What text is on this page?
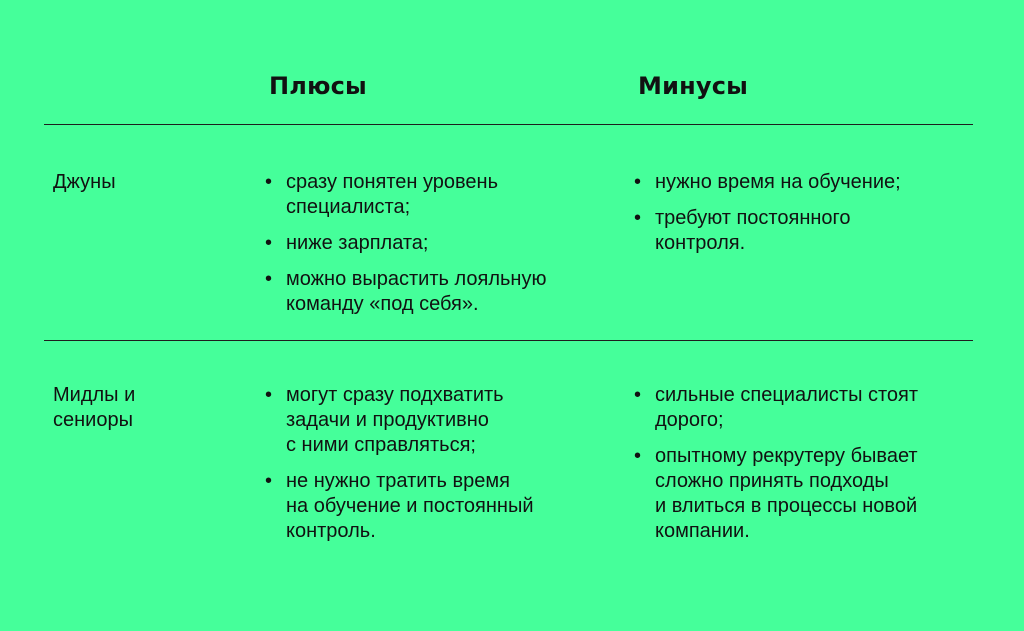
Плюсы	Минусы

Джуны

•	сразу понятен уровень
специалиста;
• ниже зарплата;
• можно вырастить лояльную
команду «под себя».
• нужно время на обучение;
• требуют постоянного
контроля.

Мидлы и
сениоры

• могут сразу подхватить
задачи и продуктивно
с ними справляться;
• не нужно тратить время
на обучение и постоянный
контроль.
• сильные специалисты стоят
дорого;
• опытному рекрутеру бывает
сложно принять подходы
и влиться в процессы новой
компании.
